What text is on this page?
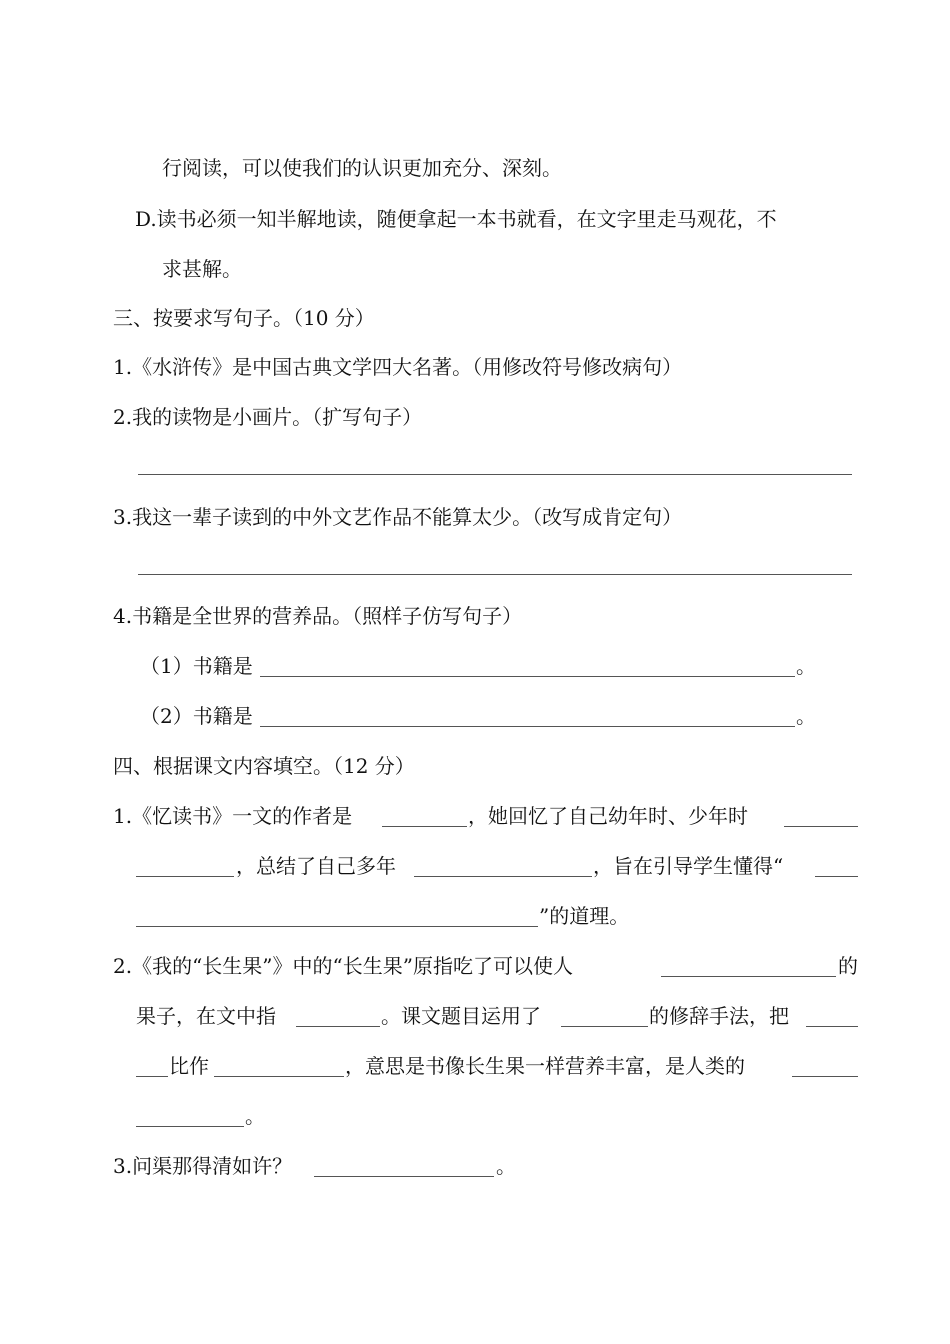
行阅读，可以使我们的认识更加充分、深刻。
D.读书必须一知半解地读，随便拿起一本书就看，在文字里走马观花，不
求甚解。
三、按要求写句子。（10 分）
1.《水浒传》是中国古典文学四大名著。（用修改符号修改病句）
2.我的读物是小画片。（扩写句子）
3.我这一辈子读到的中外文艺作品不能算太少。（改写成肯定句）
4.书籍是全世界的营养品。（照样子仿写句子）
（1）书籍是	。
（2）书籍是	。
四、根据课文内容填空。（12 分）
1.《忆读书》一文的作者是	，她回忆了自己幼年时、少年时
，总结了自己多年	，旨在引导学生懂得“
”的道理。
2.《我的“长生果”》中的“长生果”原指吃了可以使人	的
果子，在文中指	。课文题目运用了	的修辞手法，把
比作	，意思是书像长生果一样营养丰富，是人类的
。
3.问渠那得清如许？	。
